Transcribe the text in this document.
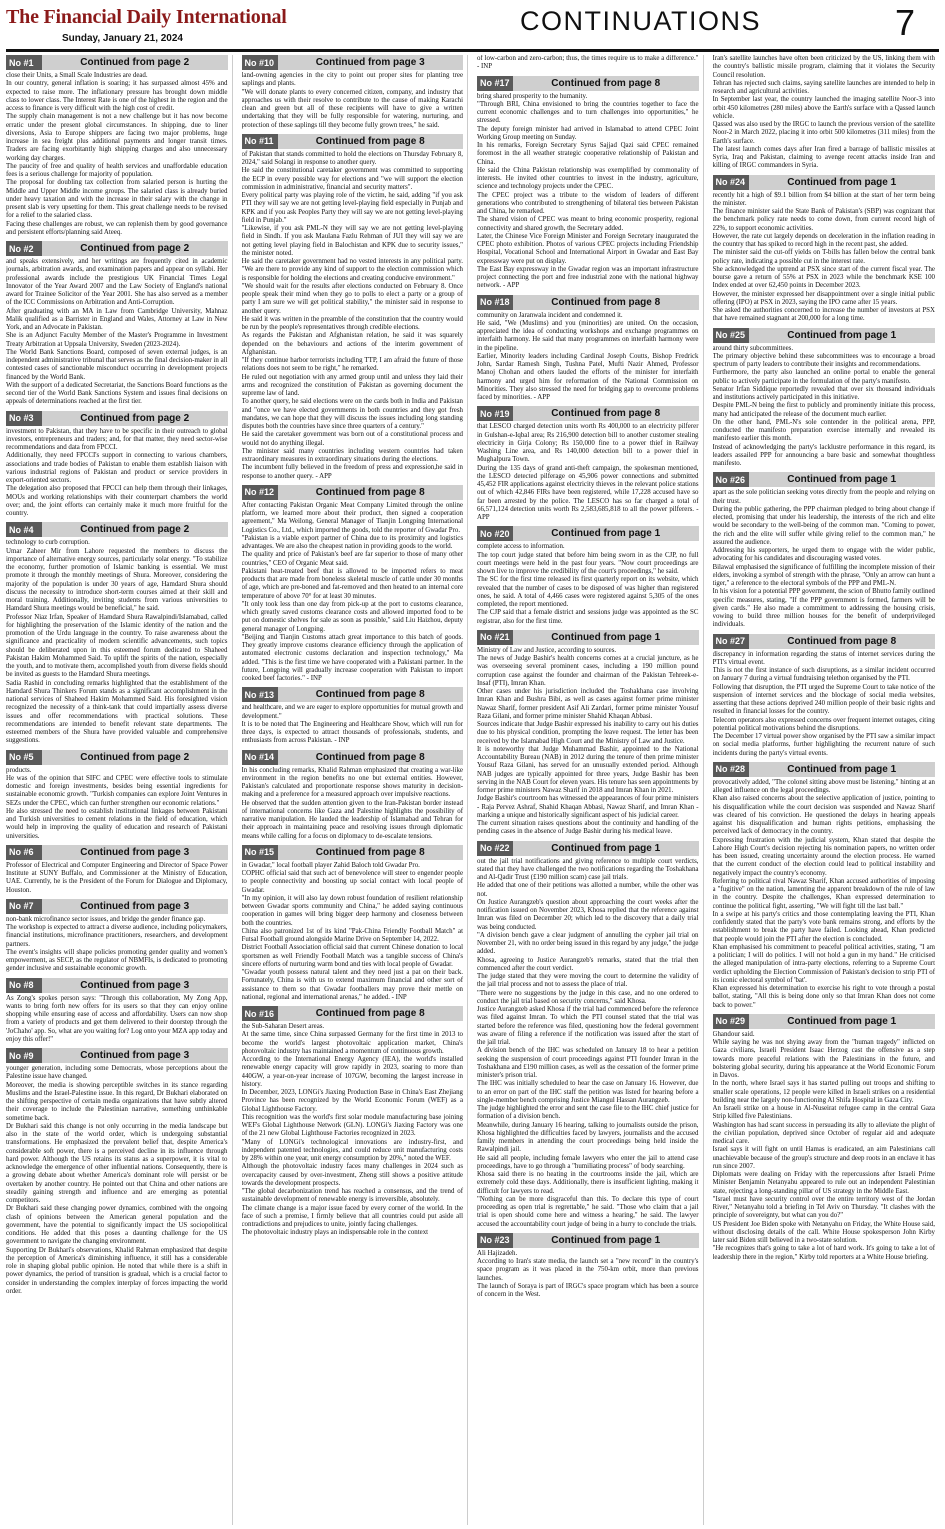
The Financial Daily International
Sunday, January 21, 2024
CONTINUATIONS	7
No #1	Continued from page 2

close their Units, a Small Scale Industries are dead.

In our country, general inflation is soaring; it has surpassed almost 45% and expected to raise more. The inflationary pressure has brought down middle class to lower class. The Interest Rate is one of the highest in the region and the access to finance is very difficult with the high cost of credit.

The supply chain management is not a new challenge but it has now become erratic under the present global circumstances. In shipping, due to liner diversions, Asia to Europe shippers are facing two major problems, huge increase in sea freight plus additional payments and longer transit times. Traders are facing exorbitantly high shipping charges and also unnecessary working day charges.

The paucity of free and quality of health services and unaffordable education fees is a serious challenge for majority of population.

The proposal for doubling tax collection from salaried person is hurting the Middle and Upper Middle income groups. The salaried class is already buried under heavy taxation and with the increase in their salary with the change in present slab is very upsetting for them. This great challenge needs to be revised for a relief to the salaried class.

Facing these challenges are robust, we can replenish them by good governance and persistent efforts/planning said Ateeq.

No #2	Continued from page 2

and speaks extensively, and her writings are frequently cited in academic journals, arbitration awards, and examination papers and appear on syllabi. Her professional awards include the prestigious UK Financial Times Legal Innovator of the Year Award 2007 and the Law Society of England's national award for Trainee Solicitor of the Year 2001. She has also served as a member of the ICC Commissions on Arbitration and Anti-Corruption.

After graduating with an MA in Law from Cambridge University, Mahnaz Malik qualified as a Barrister in England and Wales, Attorney at Law in New York, and an Advocate in Pakistan.

She is an Adjunct Faculty Member of the Master's Programme in Investment Treaty Arbitration at Uppsala University, Sweden (2023-2024).

The World Bank Sanctions Board, composed of seven external judges, is an independent administrative tribunal that serves as the final decision-maker in all contested cases of sanctionable misconduct occurring in development projects financed by the World Bank.

With the support of a dedicated Secretariat, the Sanctions Board functions as the second tier of the World Bank Sanctions System and issues final decisions on appeals of determinations reached at the first tier.

No #3	Continued from page 2

investment to Pakistan, that they have to be specific in their outreach to global investors, entrepreneurs and traders; and, for that matter, they need sector-wise recommendations and data from FPCCI.

Additionally, they need FPCCI's support in connecting to various chambers, associations and trade bodies of Pakistan to enable them establish liaison with various industrial regions of Pakistan and product or service providers in export-oriented sectors.

The delegation also proposed that FPCCI can help them through their linkages, MOUs and working relationships with their counterpart chambers the world over; and, the joint efforts can certainly make it much more fruitful for the country.

No #4	Continued from page 2

technology to curb corruption.

Umar Zaheer Mir from Lahore requested the members to discuss the importance of alternative energy sources, particularly solar energy. "To stabilize the economy, further promotion of Islamic banking is essential. We must promote it through the monthly meetings of Shura. Moreover, considering the majority of the population is under 30 years of age, Hamdard Shura should discuss the necessity to introduce short-term courses aimed at their skill and moral training. Additionally, inviting students from various universities to Hamdard Shura meetings would be beneficial," he said.

Professor Niaz Irfan, Speaker of Hamdard Shura Rawalpindi/Islamabad, called for highlighting the preservation of the Islamic identity of the nation and the promotion of the Urdu language in the country. To raise awareness about the significance and practicality of modern scientific advancements, such topics should be deliberated upon in this esteemed forum dedicated to Shaheed Pakistan Hakim Mohammed Said. To uplift the spirits of the nation, especially the youth, and to motivate them, accomplished youth from diverse fields should be invited as guests to the Hamdard Shura meetings.

Sadia Rashid in concluding remarks highlighted that the establishment of the Hamdard Shura Thinkers Forum stands as a significant accomplishment in the national services of Shaheed Hakim Mohammed Said. His foresighted vision recognized the necessity of a think-tank that could impartially assess diverse issues and offer recommendations with practical solutions. These recommendations are intended to benefit relevant state departments. The esteemed members of the Shura have provided valuable and comprehensive suggestions.

No #5	Continued from page 2

products.

He was of the opinion that SIFC and CPEC were effective tools to stimulate domestic and foreign investments, besides being essential ingredients for sustainable economic growth. "Turkish companies can explore Joint Ventures in SEZs under the CPEC, which can further strengthen our economic relations."

He also stressed the need to establish institutional linkages between Pakistani and Turkish universities to cement relations in the field of education, which would help in improving the quality of education and research of Pakistani universities.

No #6	Continued from page 3

Professor of Electrical and Computer Engineering and Director of Space Power Institute at SUNY Buffalo, and Commissioner at the Ministry of Education, UAE. Currently, he is the President of the Forum for Dialogue and Diplomacy, Houston.

No #7	Continued from page 3

non-bank microfinance sector issues, and bridge the gender finance gap.

The workshop is expected to attract a diverse audience, including policymakers, financial institutions, microfinance practitioners, researchers, and development partners.

The event's insights will shape policies promoting gender quality and women's empowerment, as SECP, as the regulator of NBMFIs, is dedicated to promoting gender inclusive and sustainable economic growth.

No #8	Continued from page 3

As Zong's spokes person says: "Through this collaboration, My Zong App, wants to bring forth new offers for its users so that they can enjoy online shopping while ensuring ease of access and affordability. Users can now shop from a variety of products and get them delivered to their doorstep through the 'JoChaho' app. So, what are you waiting for? Log onto your MZA app today and enjoy this offer!"

No #9	Continued from page 3

younger generation, including some Democrats, whose perceptions about the Palestine issue have changed.

Moreover, the media is showing perceptible switches in its stance regarding Muslims and the Israel-Palestine issue. In this regard, Dr Bukhari elaborated on the shifting perspective of certain media organizations that have subtly altered their coverage to include the Palestinian narrative, something unthinkable sometime back.

Dr Bukhari said this change is not only occurring in the media landscape but also in the state of the world order, which is undergoing substantial transformations. He emphasized the prevalent belief that, despite America's considerable soft power, there is a perceived decline in its influence through hard power. Although the US retains its status as a superpower, it is vital to acknowledge the emergence of other influential nations. Consequently, there is a growing debate about whether America's dominant role will persist or be overtaken by another country. He pointed out that China and other nations are steadily gaining strength and influence and are emerging as potential competitors.

Dr Bukhari said these changing power dynamics, combined with the ongoing clash of opinions between the American general population and the government, have the potential to significantly impact the US sociopolitical conditions. He added that this poses a daunting challenge for the US government to navigate the changing environment.

Supporting Dr Bukhari's observations, Khalid Rahman emphasized that despite the perception of America's diminishing influence, it still has a considerable role in shaping global public opinion. He noted that while there is a shift in power dynamics, the period of transition is gradual, which is a crucial factor to consider in understanding the complex interplay of forces impacting the world order.

No #10	Continued from page 3

land-owning agencies in the city to point out proper sites for planting tree saplings and plants.

"We will donate plants to every concerned citizen, company, and industry that approaches us with their resolve to contribute to the cause of making Karachi clean and green but all of these recipients will have to give a written undertaking that they will be fully responsible for watering, nurturing, and protection of these saplings till they become fully grown trees," he said.

No #11	Continued from page 8

of Pakistan that stands committed to hold the elections on Thursday February 8, 2024," said Solangi in response to another query.

He said the constitutional caretaker government was committed to supporting the ECP in every possible way for elections and "we will support the election commission in administrative, financial and security matters".

Every political party was playing role of the victim, he said, adding "if you ask PTI they will say we are not getting level-playing field especially in Punjab and KPK and if you ask Peoples Party they will say we are not getting level-playing field in Punjab."

"Likewise, if you ask PML-N they will say we are not getting level-playing field in Sindh. If you ask Maulana Fazlu Rehman of JUI they will say we are not getting level playing field in Balochistan and KPK due to security issues," the minister noted.

He said the caretaker government had no vested interests in any political party. "We are there to provide any kind of support to the election commission which is responsible for holding the elections and creating conducive environment."

"We should wait for the results after elections conducted on February 8. Once people speak their mind when they go to polls to elect a party or a group of party I am sure we will get political stability," the minister said in response to another query.

He said it was written in the preamble of the constitution that the country would be run by the people's representatives through credible elections.

As regards the Pakistan and Afghanistan relation, he said it was squarely depended on the behaviours and actions of the interim government of Afghanistan.

"If they continue harbor terrorists including TTP, I am afraid the future of those relations does not seem to be right," he remarked.

He ruled out negotiation with any armed group until and unless they laid their arms and recognized the constitution of Pakistan as governing document the supreme law of land.

To another query, he said elections were on the cards both in India and Pakistan and "once we have elected governments in both countries and they got fresh mandates, we can hope that they will discuss the issues including long standing disputes both the countries have since three quarters of a century."

He said the caretaker government was born out of a constitutional process and would not do anything illegal.

The minister said many countries including western countries had taken extraordinary measures in extraordinary situations during the elections.

The incumbent fully believed in the freedom of press and expression,he said in response to another query. - APP

No #12	Continued from page 8

After contacting Pakistan Organic Meat Company Limited through the online platform, we learned more about their product, then signed a cooperation agreement," Ma Weilong, General Manager of Tianjin Longping International Logistics Co., Ltd., which imported the goods, told the reporter of Gwadar Pro.

"Pakistan is a viable export partner of China due to its proximity and logistics advantages. We are also the cheapest nation in providing goods to the world.

The quality and price of Pakistan's beef are far superior to those of many other countries," CEO of Organic Meat said.

Pakistani heat-treated beef that is allowed to be imported refers to meat products that are made from boneless skeletal muscle of cattle under 30 months of age, which are pre-boned and fat-removed and then heated to an internal core temperature of above 70° for at least 30 minutes.

"It only took less than one day from pick-up at the port to customs clearance, which greatly saved customs clearance costs and allowed imported food to be put on domestic shelves for sale as soon as possible," said Liu Haizhou, deputy general manager of Longping.

"Beijing and Tianjin Customs attach great importance to this batch of goods. They greatly improve customs clearance efficiency through the application of automated electronic customs declaration and inspection technology," Ma added. "This is the first time we have cooperated with a Pakistani partner. In the future, Longping will gradually increase cooperation with Pakistan to import cooked beef factories." - INP

No #13	Continued from page 8

and healthcare, and we are eager to explore opportunities for mutual growth and development."

It is to be noted that The Engineering and Healthcare Show, which will run for three days, is expected to attract thousands of professionals, students, and enthusiasts from across Pakistan. - INP

No #14	Continued from page 8

In his concluding remarks, Khalid Rahman emphasized that creating a war-like environment in the region benefits no one but external entities. However, Pakistan's calculated and proportionate response shows maturity in decision-making and a preference for a measured approach over impulsive reactions.

He observed that the sudden attention given to the Iran-Pakistan border instead of international concerns like Gaza and Palestine highlights the possibility of narrative manipulation. He lauded the leadership of Islamabad and Tehran for their approach in maintaining peace and resolving issues through diplomatic means while calling for a focus on diplomacy to de-escalate tensions.

No #15	Continued from page 8

in Gwadar," local football player Zahid Baloch told Gwadar Pro.

COPHC official said that such act of benevolence will steer to engender people to people connectivity and boosting up social contact with local people of Gwadar.

"In my opinion, it will also lay down robust foundation of resilient relationship between Gwadar sports community and China," he added saying continuous cooperation in games will bring bigger deep harmony and closeness between both the countries.

China also patronized 1st of its kind "Pak-China Friendly Football Match" at Futsal Football ground alongside Marine Drive on September 14, 2022.

District Football Association official said that current Chinese donation to local sportsmen as well Friendly Football Match was a tangible success of China's sincere efforts of nurturing warm bond and ties with local people of Gwadar.

"Gwadar youth possess natural talent and they need just a pat on their back. Fortunately, China is with us to extend maximum financial and other sort of assistance to them so that Gwadar footballers may prove their mettle on national, regional and international arenas," he added. - INP

No #16	Continued from page 8

the Sub-Saharan Desert areas.

At the same time, since China surpassed Germany for the first time in 2013 to become the world's largest photovoltaic application market, China's photovoltaic industry has maintained a momentum of continuous growth.

According to the International Energy Agency (IEA), the world's installed renewable energy capacity will grow rapidly in 2023, soaring to more than 440GW, a year-on-year increase of 107GW, becoming the largest increase in history.

In December, 2023, LONGi's Jiaxing Production Base in China's East Zhejiang Province has been recognized by the World Economic Forum (WEF) as a Global Lighthouse Factory.

This recognition was the world's first solar module manufacturing base joining WEF's Global Lighthouse Network (GLN). LONGi's Jiaxing Factory was one of the 21 new Global Lighthouse Factories recognized in 2023.

"Many of LONGi's technological innovations are industry-first, and independent patented technologies, and could reduce unit manufacturing costs by 28% within one year, unit energy consumption by 20%," noted the WEF.

Although the photovoltaic industry faces many challenges in 2024 such as overcapacity caused by over-investment, Zheng still shows a positive attitude towards the development prospects.

"The global decarbonization trend has reached a consensus, and the trend of sustainable development of renewable energy is irreversible, absolutely.

The climate change is a major issue faced by every corner of the world. In the face of such a premise, I firmly believe that all countries could put aside all contradictions and prejudices to unite, jointly facing challenges.

The photovoltaic industry plays an indispensable role in the context

of low-carbon and zero-carbon; thus, the times require us to make a difference." - INP

No #17	Continued from page 8

bring shared prosperity to the humanity.

"Through BRI, China envisioned to bring the countries together to face the current economic challenges and to turn challenges into opportunities," he stressed.

The deputy foreign minister had arrived in Islamabad to attend CPEC Joint Working Group meeting on Sunday.

In his remarks, Foreign Secretary Syrus Sajjad Qazi said CPEC remained foremost in the all weather strategic cooperative relationship of Pakistan and China.

He said the China Pakistan relationship was exemplified by commonality of interests. He invited other countries to invest in the industry, agriculture, science and technology projects under the CPEC.

The CPEC project was a tribute to the wisdom of leaders of different generations who contributed to strengthening of bilateral ties between Pakistan and China, he remarked.

The shared vision of CPEC was meant to bring economic prosperity, regional connectivity and shared growth, the Secretary added.

Later, the Chinese Vice Foreign Minister and Foreign Secretary inaugurated the CPEC photo exhibition. Photos of various CPEC projects including Friendship Hospital, Vocational School and International Airport in Gwadar and East Bay expressway were put on display.

The East Bay expressway in the Gwadar region was an important infrastructure project connecting the port and free industrial zone with the national highway network. - APP

No #18	Continued from page 8

community on Jaranwala incident and condemned it.

He said, "We (Muslims) and you (minorities) are united. On the occasion, appreciated the idea of conducting workshops and exchange programmes on interfaith harmony. He said that many programmes on interfaith harmony were in the pipeline.

Earlier, Minority leaders including Cardinal Joseph Coutts, Bishop Fredrick John, Sardar Ramesh Singh, Tushna Patel, Mufti Nazir Ahmed, Professor Manoj Chohan and others lauded the efforts of the minister for interfaith harmony and urged him for reformation of the National Commission on Minorities. They also stressed the need for bridging gap to overcome problems faced by minorities. - APP

No #19	Continued from page 8

that LESCO charged detection units worth Rs 400,000 to an electricity pilferer in Gulshan-e-Iqbal area; Rs 216,900 detection bill to another customer stealing electricity in Girja Colony; Rs 150,000 fine to a power thief in Railway Washing Line area, and Rs 140,000 detection bill to a power thief in Mughalpura Town.

During the 135 days of grand anti-theft campaign, the spokesman mentioned, the LESCO detected pilferage on 45,906 power connections and submitted 45,452 FIR applications against electricity thieves in the relevant police stations out of which 42,846 FIRs have been registered, while 17,228 accused have so far been arrested by the police. The LESCO has so far charged a total of 66,571,124 detection units worth Rs 2,583,685,818 to all the power pilferers. - APP

No #20	Continued from page 1

complete access to information.

The top court judge stated that before him being sworn in as the CJP, no full court meetings were held in the past four years. "Now court proceedings are shown live to improve the credibility of the court's proceedings," he said.

The SC for the first time released its first quarterly report on its website, which revealed that the number of cases to be disposed of was higher than registered ones, he said. A total of 4,466 cases were registered against 5,305 of the ones completed, the report mentioned.

The CJP said that a female district and sessions judge was appointed as the SC registrar, also for the first time.

No #21	Continued from page 1

Ministry of Law and Justice, according to sources.

The news of Judge Bashir's health concerns comes at a crucial juncture, as he was overseeing several prominent cases, including a 190 million pound corruption case against the founder and chairman of the Pakistan Tehreek-e-Insaf (PTI), Imran Khan.

Other cases under his jurisdiction included the Toshakhana case involving Imran Khan and Bushra Bibi, as well as cases against former prime minister Nawaz Sharif, former president Asif Ali Zardari, former prime minister Yousuf Raza Gilani, and former prime minister Shahid Khaqan Abbasi.

Sources indicate that Judge Bashir expressed his inability to carry out his duties due to his physical condition, prompting the leave request. The letter has been received by the Islamabad High Court and the Ministry of Law and Justice.

It is noteworthy that Judge Muhammad Bashir, appointed to the National Accountability Bureau (NAB) in 2012 during the tenure of then prime minister Yousuf Raza Gilani, has served for an unusually extended period. Although NAB judges are typically appointed for three years, Judge Bashir has been serving in the NAB Court for eleven years. His tenure has seen appointments by former prime ministers Nawaz Sharif in 2018 and Imran Khan in 2021.

Judge Bashir's courtroom has witnessed the appearances of four prime ministers - Raja Pervez Ashraf, Shahid Khaqan Abbasi, Nawaz Sharif, and Imran Khan - marking a unique and historically significant aspect of his judicial career.

The current situation raises questions about the continuity and handling of the pending cases in the absence of Judge Bashir during his medical leave.

No #22	Continued from page 1

out the jail trial notifications and giving reference to multiple court verdicts, stated that they have challenged the two notifications regarding the Toshakhana and Al-Qadir Trust (£190 million scam) case jail trials.

He added that one of their petitions was allotted a number, while the other was not.

On Justice Aurangzeb's question about approaching the court weeks after the notification issued on November 2023, Khosa replied that the reference against Imran was filed on December 20; which led to the discovery that a daily trial was being conducted.

"A division bench gave a clear judgment of annulling the cypher jail trial on November 21, with no order being issued in this regard by any judge," the judge added.

Khosa, agreeing to Justice Aurangzeb's remarks, stated that the trial then commenced after the court verdict.

The judge stated that they were moving the court to determine the validity of the jail trial process and not to assess the place of trial.

"There were no suggestions by the judge in this case, and no one ordered to conduct the jail trial based on security concerns," said Khosa.

Justice Aurangzeb asked Khosa if the trial had commenced before the reference was filed against Imran. To which the PTI counsel stated that the trial was started before the reference was filed, questioning how the federal government was aware of filing a reference if the notification was issued after the start of the jail trial.

A division bench of the IHC was scheduled on January 18 to hear a petition seeking the suspension of court proceedings against PTI founder Imran in the Toshakhana and £190 million cases, as well as the cessation of the former prime minister's prison trial.

The IHC was initially scheduled to hear the case on January 16. However, due to an error on part of the IHC staff the petition was listed for hearing before a single-member bench comprising Justice Miangul Hassan Aurangzeb.

The judge highlighted the error and sent the case file to the IHC chief justice for formation of a division bench.

Meanwhile, during January 16 hearing, talking to journalists outside the prison, Khosa highlighted the difficulties faced by lawyers, journalists and the accused family members in attending the court proceedings being held inside the Rawalpindi jail.

He said all people, including female lawyers who enter the jail to attend case proceedings, have to go through a "humiliating process" of body searching.

Khosa said there is no heating in the courtrooms inside the jail, which are extremely cold these days. Additionally, there is insufficient lighting, making it difficult for lawyers to read.

"Nothing can be more disgraceful than this. To declare this type of court proceeding as open trial is regrettable," he said. "Those who claim that a jail trial is open should come here and witness a hearing," he said. The lawyer accused the accountability court judge of being in a hurry to conclude the trials.

No #23	Continued from page 1

Ali Hajizadeh.

According to Iran's state media, the launch set a "new record" in the country's space program as it was placed in the 750-km orbit, more than previous launches.

The launch of Soraya is part of IRGC's space program which has been a source of concern in the West.

Iran's satellite launches have often been criticized by the US, linking them with the country's ballistic missile program, claiming that it violates the Security Council resolution.

Tehran has rejected such claims, saying satellite launches are intended to help in research and agricultural activities.

In September last year, the country launched the imaging satellite Noor-3 into orbit 450 kilometres (280 miles) above the Earth's surface with a Qassed launch vehicle.

Qassed was also used by the IRGC to launch the previous version of the satellite Noor-2 in March 2022, placing it into orbit 500 kilometres (311 miles) from the Earth's surface.

The latest launch comes days after Iran fired a barrage of ballistic missiles at Syria, Iraq and Pakistan, claiming to avenge recent attacks inside Iran and killing of IRGC commanders in Syria.

No #24	Continued from page 1

recently hit a high of $9.1 billion from $4 billion at the start of her term being the minister.

The finance minister said the State Bank of Pakistan's (SBP) was cognizant that the benchmark policy rate needs to come down, from current record high of 22%, to support economic activities.

However, the rate cut largely depends on deceleration in the inflation reading in the country that has spiked to record high in the recent past, she added.

The minister said the cut-off yields on T-bills has fallen below the central bank policy rate, indicating a possible cut in the interest rate.

She acknowledged the uptrend at PSX since start of the current fiscal year. The bourse gave a return of 55% at PSX in 2023 while the benchmark KSE 100 Index ended at over 62,450 points in December 2023.

However, the minister expressed her disappointment over a single initial public offering (IPO) at PSX in 2023, saying the IPO came after 15 years.

She asked the authorities concerned to increase the number of investors at PSX that have remained stagnant at 200,000 for a long time.

No #25	Continued from page 1

around thirty subcommittees.

The primary objective behind these subcommittees was to encourage a broad spectrum of party leaders to contribute their insights and recommendations.

Furthermore, the party also launched an online portal to enable the general public to actively participate in the formulation of the party's manifesto.

Senator Irfan Siddique reportedly revealed that over six thousand individuals and institutions actively participated in this initiative.

Despite PML-N being the first to publicly and prominently initiate this process, many had anticipated the release of the document much earlier.

On the other hand, PML-N's sole contender in the political arena, PPP, conducted the manifesto preparation exercise internally and revealed its manifesto earlier this month.

Instead of acknowledging the party's lacklustre performance in this regard, its leaders assailed PPP for announcing a bare basic and somewhat thoughtless manifesto.

No #26	Continued from page 1

apart as the sole politician seeking votes directly from the people and relying on their trust.

During the public gathering, the PPP chairman pledged to bring about change if elected, promising that under his leadership, the interests of the rich and elite would be secondary to the well-being of the common man. "Coming to power, the rich and the elite will suffer while giving relief to the common man," he assured the audience.

Addressing his supporters, he urged them to engage with the wider public, advocating for his candidates and discouraging wasted votes.

Bilawal emphasised the significance of fulfilling the incomplete mission of their elders, invoking a symbol of strength with the phrase, "Only an arrow can hunt a tiger," a reference to the electoral symbols of the PPP and PML-N.

In his vision for a potential PPP government, the scion of Bhutto family outlined specific measures, stating, "If the PPP government is formed, farmers will be given cards." He also made a commitment to addressing the housing crisis, vowing to build three million houses for the benefit of underprivileged individuals.

No #27	Continued from page 8

discrepancy in information regarding the status of internet services during the PTI's virtual event.

This is not the first instance of such disruptions, as a similar incident occurred on January 7 during a virtual fundraising telethon organised by the PTI.

Following that disruption, the PTI urged the Supreme Court to take notice of the suspension of internet services and the blockage of social media websites, asserting that these actions deprived 240 million people of their basic rights and resulted in financial losses for the country.

Telecom operators also expressed concerns over frequent internet outages, citing potential political motivations behind the disruptions.

The December 17 virtual power show organised by the PTI saw a similar impact on social media platforms, further highlighting the recurrent nature of such incidents during the party's virtual events.

No #28	Continued from page 1

provocatively added, "The colonel sitting above must be listening," hinting at an alleged influence on the legal proceedings.

Khan also raised concerns about the selective application of justice, pointing to his disqualification while the court decision was suspended and Nawaz Sharif was cleared of his conviction. He questioned the delays in hearing appeals against his disqualification and human rights petitions, emphasising the perceived lack of democracy in the country.

Expressing frustration with the judicial system, Khan stated that despite the Lahore High Court's decision rejecting his nomination papers, no written order has been issued, creating uncertainty around the election process. He warned that the current conduct of the election could lead to political instability and negatively impact the country's economy.

Referring to political rival Nawaz Sharif, Khan accused authorities of imposing a "fugitive" on the nation, lamenting the apparent breakdown of the rule of law in the country. Despite the challenges, Khan expressed determination to continue the political fight, asserting, "We will fight till the last ball."

In a swipe at his party's critics and those contemplating leaving the PTI, Khan confidently stated that the party's vote bank remains strong, and efforts by the establishment to break the party have failed. Looking ahead, Khan predicted that people would join the PTI after the election is concluded.

Khan emphasised his commitment to peaceful political activities, stating, "I am a politician; I will do politics. I will not hold a gun in my hand." He criticised the alleged manipulation of intra-party elections, referring to a Supreme Court verdict upholding the Election Commission of Pakistan's decision to strip PTI of its iconic electoral symbol of 'bat'.

Khan expressed his determination to exercise his right to vote through a postal ballot, stating, "All this is being done only so that Imran Khan does not come back to power."

No #29	Continued from page 1

Ghandour said.

While saying he was not shying away from the "human tragedy" inflicted on Gaza civilians, Israeli President Isaac Herzog cast the offensive as a step towards more peaceful relations with the Palestinians in the future, and bolstering global security, during his appearance at the World Economic Forum in Davos.

In the north, where Israel says it has started pulling out troops and shifting to smaller scale operations, 12 people were killed in Israeli strikes on a residential building near the largely non-functioning Al Shifa Hospital in Gaza City.

An Israeli strike on a house in Al-Nuseirat refugee camp in the central Gaza Strip killed five Palestinians.

Washington has had scant success in persuading its ally to alleviate the plight of the civilian population, deprived since October of regular aid and adequate medical care.

Israel says it will fight on until Hamas is eradicated, an aim Palestinians call unachievable because of the group's structure and deep roots in an enclave it has run since 2007.

Diplomats were dealing on Friday with the repercussions after Israeli Prime Minister Benjamin Netanyahu appeared to rule out an independent Palestinian state, rejecting a long-standing pillar of US strategy in the Middle East.

"Israel must have security control over the entire territory west of the Jordan River," Netanyahu told a briefing in Tel Aviv on Thursday. "It clashes with the principle of sovereignty, but what can you do?"

US President Joe Biden spoke with Netanyahu on Friday, the White House said, without disclosing details of the call. White House spokesperson John Kirby later said Biden still believed in a two-state solution.

"He recognizes that's going to take a lot of hard work. It's going to take a lot of leadership there in the region," Kirby told reporters at a White House briefing.
